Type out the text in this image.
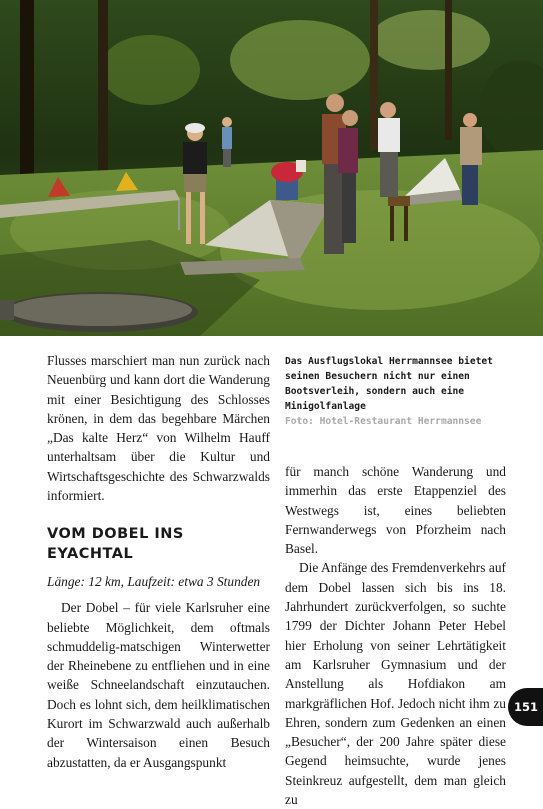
Flusses marschiert man nun zurück nach Neuenbürg und kann dort die Wanderung mit einer Besichtigung des Schlosses krönen, in dem das begehbare Märchen „Das kalte Herz“ von Wilhelm Hauff unterhaltsam über die Kultur und Wirtschaftsgeschichte des Schwarzwalds informiert.

VOM DOBEL INS EYACHTAL

Länge: 12 km, Laufzeit: etwa 3 Stunden

Der Dobel – für viele Karlsruher eine beliebte Möglichkeit, dem oftmals schmuddelig-matschigen Winterwetter der Rheinebene zu entfliehen und in eine weiße Schneelandschaft einzutauchen. Doch es lohnt sich, dem heilklimatischen Kurort im Schwarzwald auch außerhalb der Wintersaison einen Besuch abzustatten, da er Ausgangspunkt

Das Ausflugslokal Herrmannsee bietet seinen Besuchern nicht nur einen Bootsverleih, sondern auch eine Minigolfanlage
Foto: Hotel-Restaurant Herrmannsee

für manch schöne Wanderung und immerhin das erste Etappenziel des Westwegs ist, eines beliebten Fernwanderwegs von Pforzheim nach Basel.

Die Anfänge des Fremdenverkehrs auf dem Dobel lassen sich bis ins 18. Jahrhundert zurückverfolgen, so suchte 1799 der Dichter Johann Peter Hebel hier Erholung von seiner Lehrtätigkeit am Karlsruher Gymnasium und der Anstellung als Hofdiakon am markgräflichen Hof. Jedoch nicht ihm zu Ehren, sondern zum Gedenken an einen „Besucher“, der 200 Jahre später diese Gegend heimsuchte, wurde jenes Steinkreuz aufgestellt, dem man gleich zu

151
